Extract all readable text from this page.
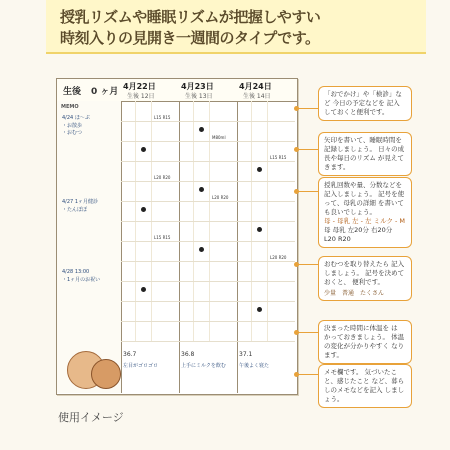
授乳リズムや睡眠リズムが把握しやすい
時刻入りの見開き一週間のタイプです。
生後 0 ヶ月
4月22日
生後 12日
4月23日
生後 13日
4月24日
生後 14日
MEMO
4/24 ほ～ぷ
・お散歩
・おむつ
4/27 1ヶ月健診
・たんぽぽ
4/28 13:00
・1ヶ月のお祝い
L15 R15
L20 R20
L15 R15
36.7
左目がゴロゴロ
M80ml
L20 R20
36.8
上手にミルクを飲む
L15 R15
L20 R20
37.1
午後よく寝た
「おでかけ」や「検診」など 今日の予定などを 記入しておくと便利です。
矢印を書いて、睡眠時間を 記録しましょう。 日々の成長や毎日のリズム が見えてきます。
授乳回数や量、分数などを 記入しましょう。 記号を使って、母乳の詳細 を書いても良いでしょう。
母 - 母乳 左 - 左 ミルク - M
母 母乳 左20分 右20分
L20 R20
おむつを取り替えたら 記入しましょう。 記号を決めておくと、 便利です。
少量 普通 たくさん
決まった時間に体温を は かっておきましょう。 体温の変化が分かりやすく なります。
メモ欄です。 気づいたこと、感じたこと など、暮らしのメモなどを記入 しましょう。
使用イメージ
